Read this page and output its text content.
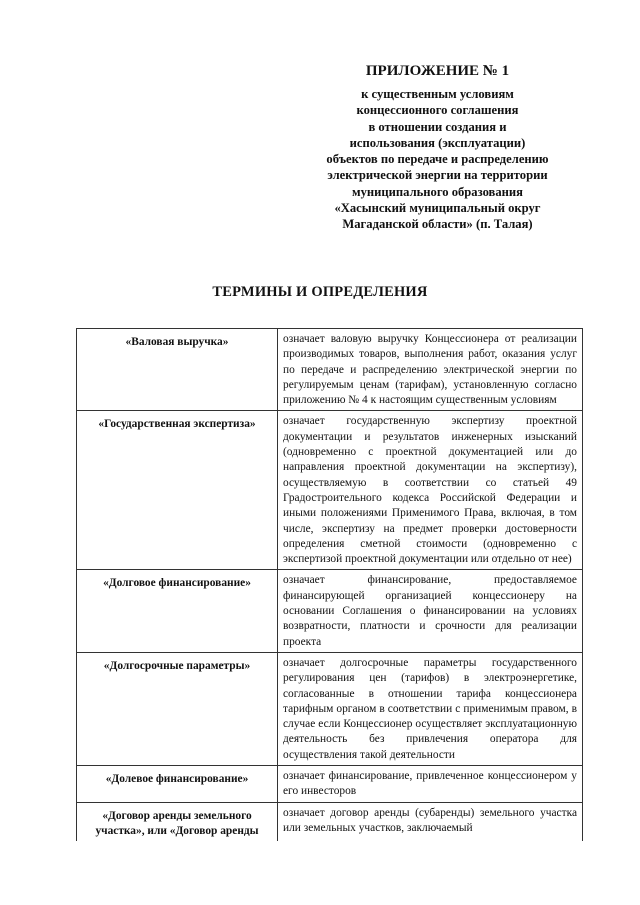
ПРИЛОЖЕНИЕ № 1
к существенным условиям
концессионного соглашения
в отношении создания и
использования (эксплуатации)
объектов по передаче и распределению
электрической энергии на территории
муниципального образования
«Хасынский муниципальный округ
Магаданской области» (п. Талая)
ТЕРМИНЫ И ОПРЕДЕЛЕНИЯ
«Валовая выручка»	означает валовую выручку Концессионера от реализации производимых товаров, выполнения работ, оказания услуг по передаче и распределению электрической энергии по регулируемым ценам (тарифам), установленную согласно приложению № 4 к настоящим существенным условиям
«Государственная экспертиза»	означает государственную экспертизу проектной документации и результатов инженерных изысканий (одновременно с проектной документацией или до направления проектной документации на экспертизу), осуществляемую в соответствии со статьей 49 Градостроительного кодекса Российской Федерации и иными положениями Применимого Права, включая, в том числе, экспертизу на предмет проверки достоверности определения сметной стоимости (одновременно с экспертизой проектной документации или отдельно от нее)
«Долговое финансирование»	означает финансирование, предоставляемое финансирующей организацией концессионеру на основании Соглашения о финансировании на условиях возвратности, платности и срочности для реализации проекта
«Долгосрочные параметры»	означает долгосрочные параметры государственного регулирования цен (тарифов) в электроэнергетике, согласованные в отношении тарифа концессионера тарифным органом в соответствии с применимым правом, в случае если Концессионер осуществляет эксплуатационную деятельность без привлечения оператора для осуществления такой деятельности
«Долевое финансирование»	означает финансирование, привлеченное концессионером у его инвесторов
«Договор аренды земельного участка», или «Договор аренды	означает договор аренды (субаренды) земельного участка или земельных участков, заключаемый
